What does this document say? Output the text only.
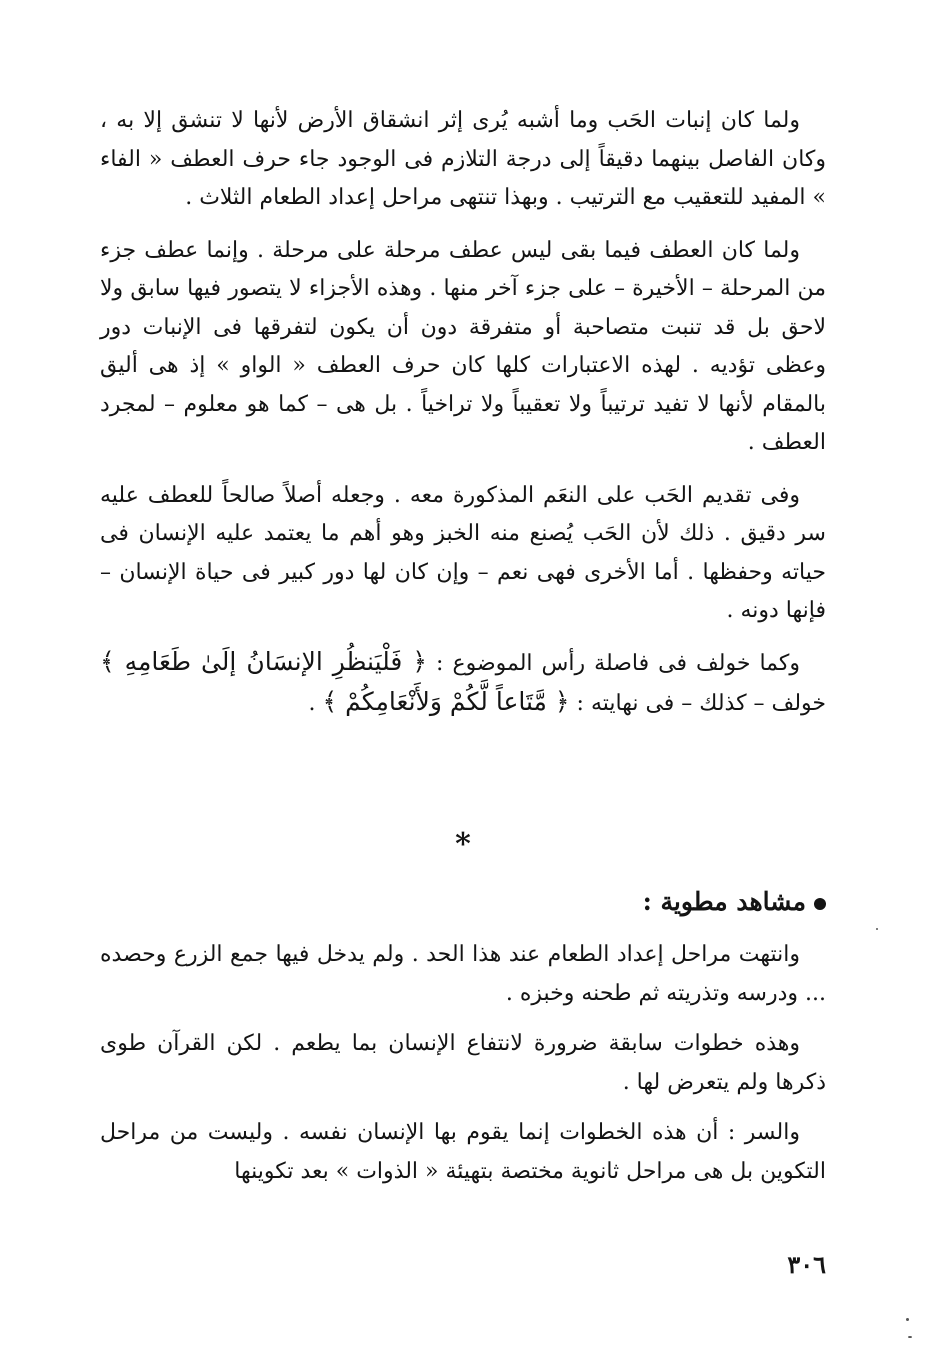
ولما كان إنبات الحَب وما أشبه يُرى إثر انشقاق الأرض لأنها لا تنشق إلا به ، وكان الفاصل بينهما دقيقاً إلى درجة التلازم فى الوجود جاء حرف العطف « الفاء » المفيد للتعقيب مع الترتيب . وبهذا تنتهى مراحل إعداد الطعام الثلاث .

ولما كان العطف فيما بقى ليس عطف مرحلة على مرحلة . وإنما عطف جزء من المرحلة – الأخيرة – على جزء آخر منها . وهذه الأجزاء لا يتصور فيها سابق ولا لاحق بل قد تنبت متصاحبة أو متفرقة دون أن يكون لتفرقها فى الإنبات دور وعظى تؤديه . لهذه الاعتبارات كلها كان حرف العطف « الواو » إذ هى أليق بالمقام لأنها لا تفيد ترتيباً ولا تعقيباً ولا تراخياً . بل هى – كما هو معلوم – لمجرد العطف .

وفى تقديم الحَب على النعَم المذكورة معه . وجعله أصلاً صالحاً للعطف عليه سر دقيق . ذلك لأن الحَب يُصنع منه الخبز وهو أهم ما يعتمد عليه الإنسان فى حياته وحفظها . أما الأخرى فهى نعم – وإن كان لها دور كبير فى حياة الإنسان – فإنها دونه .

وكما خولف فى فاصلة رأس الموضوع : ﴿ فَلْيَنظُرِ الإنسَانُ إلَىٰ طَعَامِهِ ﴾ خولف – كذلك – فى نهايته : ﴿ مَّتَاعاً لَّكُمْ وَلأَنْعَامِكُمْ ﴾ .

*
مشاهد مطوية :

وانتهت مراحل إعداد الطعام عند هذا الحد . ولم يدخل فيها جمع الزرع وحصده ... ودرسه وتذريته ثم طحنه وخبزه .

وهذه خطوات سابقة ضرورة لانتفاع الإنسان بما يطعم . لكن القرآن طوى ذكرها ولم يتعرض لها .

والسر : أن هذه الخطوات إنما يقوم بها الإنسان نفسه . وليست من مراحل التكوين بل هى مراحل ثانوية مختصة بتهيئة « الذوات » بعد تكوينها

٣٠٦
